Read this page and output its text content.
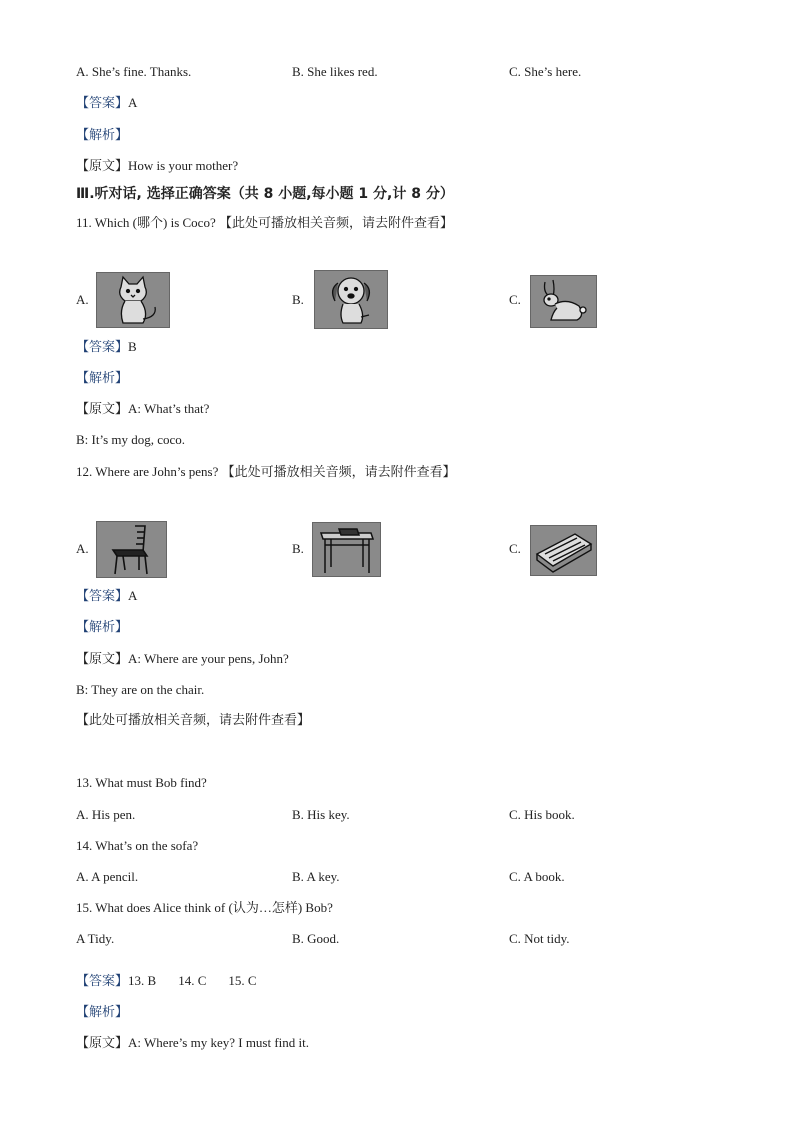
A. She’s fine. Thanks.	B. She likes red.	C. She’s here.
【答案】A
【解析】
【原文】How is your mother?
Ⅲ.听对话, 选择正确答案（共 8 小题,每小题 1 分,计 8 分）
11. Which (哪个) is Coco? 【此处可播放相关音频，请去附件查看】
A.	B.	C.
【答案】B
【解析】
【原文】A: What’s that?
B: It’s my dog, coco.
12. Where are John’s pens? 【此处可播放相关音频，请去附件查看】
A.	B.	C.
【答案】A
【解析】
【原文】A: Where are your pens, John?
B: They are on the chair.
【此处可播放相关音频，请去附件查看】
13. What must Bob find?
A. His pen.	B. His key.	C. His book.
14. What’s on the sofa?
A. A pencil.	B. A key.	C. A book.
15. What does Alice think of (认为…怎样) Bob?
A Tidy.	B. Good.	C. Not tidy.
【答案】13. B 14. C 15. C
【解析】
【原文】A: Where’s my key? I must find it.
